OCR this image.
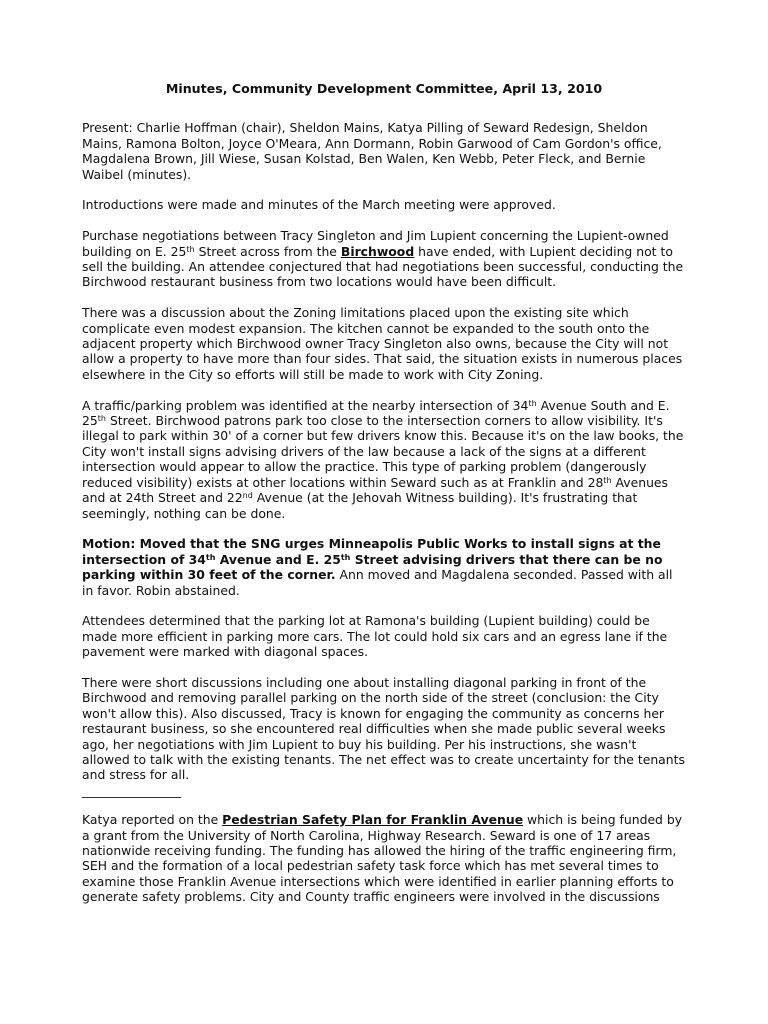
Minutes, Community Development Committee, April 13, 2010

Present: Charlie Hoffman (chair), Sheldon Mains, Katya Pilling of Seward Redesign, Sheldon Mains, Ramona Bolton, Joyce O'Meara, Ann Dormann, Robin Garwood of Cam Gordon's office, Magdalena Brown, Jill Wiese, Susan Kolstad, Ben Walen, Ken Webb, Peter Fleck, and Bernie Waibel (minutes).

Introductions were made and minutes of the March meeting were approved.

Purchase negotiations between Tracy Singleton and Jim Lupient concerning the Lupient-owned building on E. 25th Street across from the Birchwood have ended, with Lupient deciding not to sell the building. An attendee conjectured that had negotiations been successful, conducting the Birchwood restaurant business from two locations would have been difficult.

There was a discussion about the Zoning limitations placed upon the existing site which complicate even modest expansion. The kitchen cannot be expanded to the south onto the adjacent property which Birchwood owner Tracy Singleton also owns, because the City will not allow a property to have more than four sides. That said, the situation exists in numerous places elsewhere in the City so efforts will still be made to work with City Zoning.

A traffic/parking problem was identified at the nearby intersection of 34th Avenue South and E. 25th Street. Birchwood patrons park too close to the intersection corners to allow visibility. It's illegal to park within 30' of a corner but few drivers know this. Because it's on the law books, the City won't install signs advising drivers of the law because a lack of the signs at a different intersection would appear to allow the practice. This type of parking problem (dangerously reduced visibility) exists at other locations within Seward such as at Franklin and 28th Avenues and at 24th Street and 22nd Avenue (at the Jehovah Witness building). It's frustrating that seemingly, nothing can be done.

Motion: Moved that the SNG urges Minneapolis Public Works to install signs at the intersection of 34th Avenue and E. 25th Street advising drivers that there can be no parking within 30 feet of the corner. Ann moved and Magdalena seconded. Passed with all in favor. Robin abstained.

Attendees determined that the parking lot at Ramona's building (Lupient building) could be made more efficient in parking more cars. The lot could hold six cars and an egress lane if the pavement were marked with diagonal spaces.

There were short discussions including one about installing diagonal parking in front of the Birchwood and removing parallel parking on the north side of the street (conclusion: the City won't allow this). Also discussed, Tracy is known for engaging the community as concerns her restaurant business, so she encountered real difficulties when she made public several weeks ago, her negotiations with Jim Lupient to buy his building. Per his instructions, she wasn't allowed to talk with the existing tenants. The net effect was to create uncertainty for the tenants and stress for all.

________________

Katya reported on the Pedestrian Safety Plan for Franklin Avenue which is being funded by a grant from the University of North Carolina, Highway Research. Seward is one of 17 areas nationwide receiving funding. The funding has allowed the hiring of the traffic engineering firm, SEH and the formation of a local pedestrian safety task force which has met several times to examine those Franklin Avenue intersections which were identified in earlier planning efforts to generate safety problems. City and County traffic engineers were involved in the discussions
